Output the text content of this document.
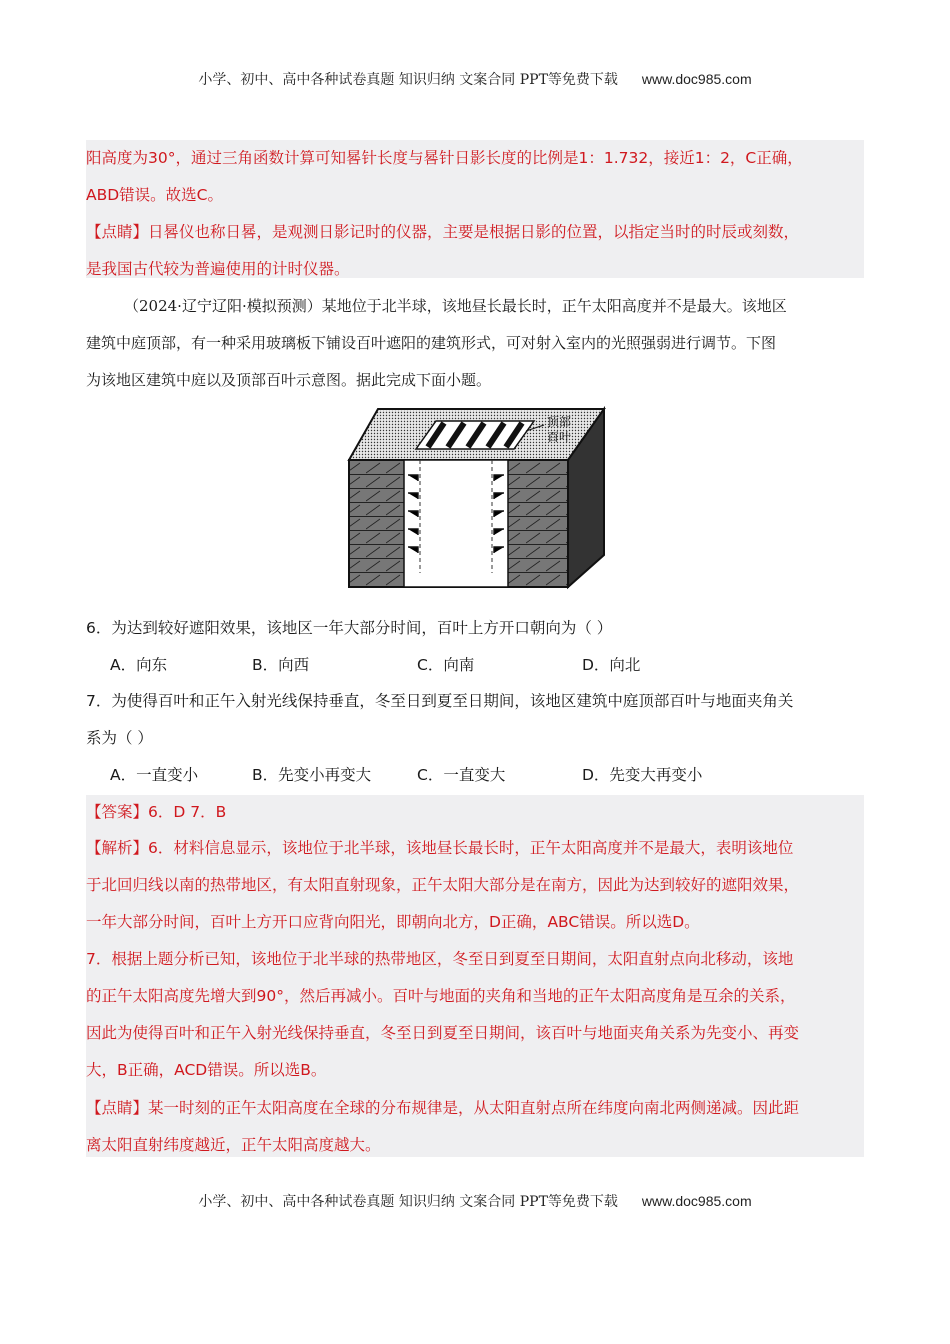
小学、初中、高中各种试卷真题 知识归纳 文案合同 PPT等免费下载 www.doc985.com
阳高度为30°，通过三角函数计算可知晷针长度与晷针日影长度的比例是1：1.732，接近1：2，C正确，
ABD错误。故选C。
【点睛】日晷仪也称日晷，是观测日影记时的仪器，主要是根据日影的位置，以指定当时的时辰或刻数，
是我国古代较为普遍使用的计时仪器。
（2024·辽宁辽阳·模拟预测）某地位于北半球，该地昼长最长时，正午太阳高度并不是最大。该地区
建筑中庭顶部，有一种采用玻璃板下铺设百叶遮阳的建筑形式，可对射入室内的光照强弱进行调节。下图
为该地区建筑中庭以及顶部百叶示意图。据此完成下面小题。
顶部
百叶
6．为达到较好遮阳效果，该地区一年大部分时间，百叶上方开口朝向为（ ）
A．向东	B．向西	C．向南	D．向北
7．为使得百叶和正午入射光线保持垂直，冬至日到夏至日期间，该地区建筑中庭顶部百叶与地面夹角关
系为（ ）
A．一直变小	B．先变小再变大	C．一直变大	D．先变大再变小
【答案】6．D 7．B
【解析】6．材料信息显示，该地位于北半球，该地昼长最长时，正午太阳高度并不是最大，表明该地位
于北回归线以南的热带地区，有太阳直射现象，正午太阳大部分是在南方，因此为达到较好的遮阳效果，
一年大部分时间，百叶上方开口应背向阳光，即朝向北方，D正确，ABC错误。所以选D。
7．根据上题分析已知，该地位于北半球的热带地区，冬至日到夏至日期间，太阳直射点向北移动，该地
的正午太阳高度先增大到90°，然后再减小。百叶与地面的夹角和当地的正午太阳高度角是互余的关系，
因此为使得百叶和正午入射光线保持垂直，冬至日到夏至日期间，该百叶与地面夹角关系为先变小、再变
大，B正确，ACD错误。所以选B。
【点睛】某一时刻的正午太阳高度在全球的分布规律是，从太阳直射点所在纬度向南北两侧递减。因此距
离太阳直射纬度越近，正午太阳高度越大。
小学、初中、高中各种试卷真题 知识归纳 文案合同 PPT等免费下载 www.doc985.com
